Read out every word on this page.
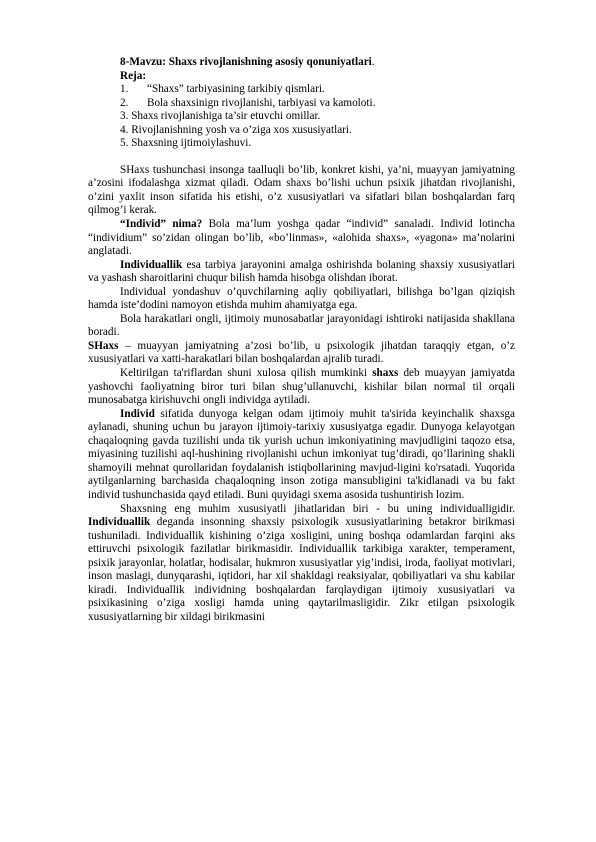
8-Mavzu: Shaxs rivojlanishning asosiy qonuniyatlari.
Reja:
1. “Shaxs” tarbiyasining tarkibiy qismlari.
2. Bola shaxsinign rivojlanishi, tarbiyasi va kamoloti.
3. Shaxs rivojlanishiga ta’sir etuvchi omillar.
4. Rivojlanishning yosh va o’ziga xos xususiyatlari.
5. Shaxsning ijtimoiylashuvi.

SHaxs tushunchasi insonga taalluqli bo’lib, konkret kishi, ya’ni, muayyan jamiyatning a’zosini ifodalashga xizmat qiladi. Odam shaxs bo’lishi uchun psixik jihatdan rivojlanishi, o’zini yaxlit inson sifatida his etishi, o’z xususiyatlari va sifatlari bilan boshqalardan farq qilmog’i kerak.

“Individ” nima? Bola ma’lum yoshga qadar “individ” sanaladi. Individ lotincha “individium” so’zidan olingan bo’lib, «bo’linmas», «alohida shaxs», «yagona» ma’nolarini anglatadi.

Individuallik esa tarbiya jarayonini amalga oshirishda bolaning shaxsiy xususiyatlari va yashash sharoitlarini chuqur bilish hamda hisobga olishdan iborat.

Individual yondashuv o’quvchilarning aqliy qobiliyatlari, bilishga bo’lgan qiziqish hamda iste’dodini namoyon etishda muhim ahamiyatga ega.

Bola harakatlari ongli, ijtimoiy munosabatlar jarayonidagi ishtiroki natijasida shakllana boradi.

SHaxs – muayyan jamiyatning a’zosi bo’lib, u psixologik jihatdan taraqqiy etgan, o’z xususiyatlari va xatti-harakatlari bilan boshqalardan ajralib turadi.

Keltirilgan ta'riflardan shuni xulosa qilish mumkinki shaxs deb muayyan jamiyatda yashovchi faoliyatning biror turi bilan shug’ullanuvchi, kishilar bilan normal til orqali munosabatga kirishuvchi ongli individga aytiladi.

Individ sifatida dunyoga kelgan odam ijtimoiy muhit ta'sirida keyinchalik shaxsga aylanadi, shuning uchun bu jarayon ijtimoiy-tarixiy xususiyatga egadir. Dunyoga kelayotgan chaqaloqning gavda tuzilishi unda tik yurish uchun imkoniyatining mavjudligini taqozo etsa, miyasining tuzilishi aql-hushining rivojlanishi uchun imkoniyat tug’diradi, qo’llarining shakli shamoyili mehnat qurollaridan foydalanish istiqbollarining mavjud-ligini ko'rsatadi. Yuqorida aytilganlarning barchasida chaqaloqning inson zotiga mansubligini ta'kidlanadi va bu fakt individ tushunchasida qayd etiladi. Buni quyidagi sxema asosida tushuntirish lozim.

Shaxsning eng muhim xususiyatli jihatlaridan biri - bu uning individualligidir. Individuallik deganda insonning shaxsiy psixologik xususiyatlarining betakror birikmasi tushuniladi. Individuallik kishining o’ziga xosligini, uning boshqa odamlardan farqini aks ettiruvchi psixologik fazilatlar birikmasidir. Individuallik tarkibiga xarakter, temperament, psixik jarayonlar, holatlar, hodisalar, hukmron xususiyatlar yig’indisi, iroda, faoliyat motivlari, inson maslagi, dunyqarashi, iqtidori, har xil shakldagi reaksiyalar, qobiliyatlari va shu kabilar kiradi. Individuallik individning boshqalardan farqlaydigan ijtimoiy xususiyatlari va psixikasining o’ziga xosligi hamda uning qaytarilmasligidir. Zikr etilgan psixologik xususiyatlarning bir xildagi birikmasini
